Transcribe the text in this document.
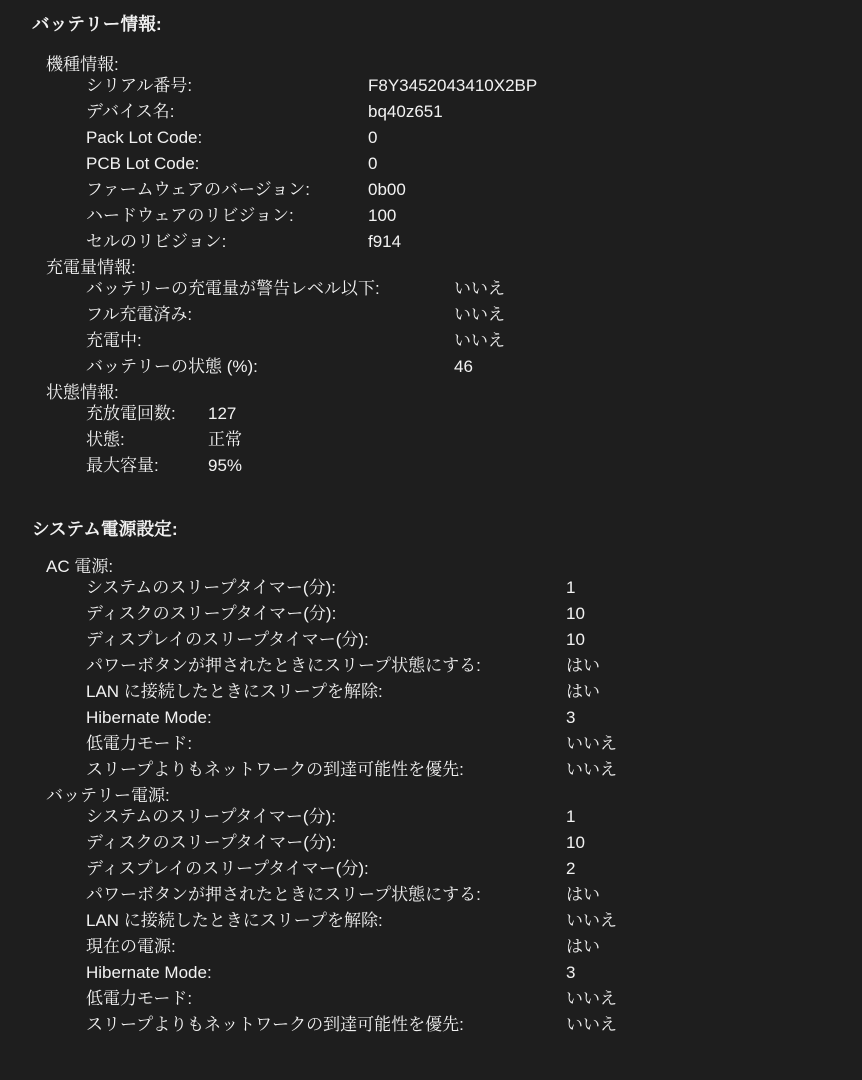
バッテリー情報:
機種情報:
シリアル番号:	F8Y3452043410X2BP
デバイス名:	bq40z651
Pack Lot Code:	0
PCB Lot Code:	0
ファームウェアのバージョン:	0b00
ハードウェアのリビジョン:	100
セルのリビジョン:	f914
充電量情報:
バッテリーの充電量が警告レベル以下:	いいえ
フル充電済み:	いいえ
充電中:	いいえ
バッテリーの状態 (%):	46
状態情報:
充放電回数:	127
状態:	正常
最大容量:	95%
システム電源設定:
AC 電源:
システムのスリープタイマー(分):	1
ディスクのスリープタイマー(分):	10
ディスプレイのスリープタイマー(分):	10
パワーボタンが押されたときにスリープ状態にする:	はい
LAN に接続したときにスリープを解除:	はい
Hibernate Mode:	3
低電力モード:	いいえ
スリープよりもネットワークの到達可能性を優先:	いいえ
バッテリー電源:
システムのスリープタイマー(分):	1
ディスクのスリープタイマー(分):	10
ディスプレイのスリープタイマー(分):	2
パワーボタンが押されたときにスリープ状態にする:	はい
LAN に接続したときにスリープを解除:	いいえ
現在の電源:	はい
Hibernate Mode:	3
低電力モード:	いいえ
スリープよりもネットワークの到達可能性を優先:	いいえ
